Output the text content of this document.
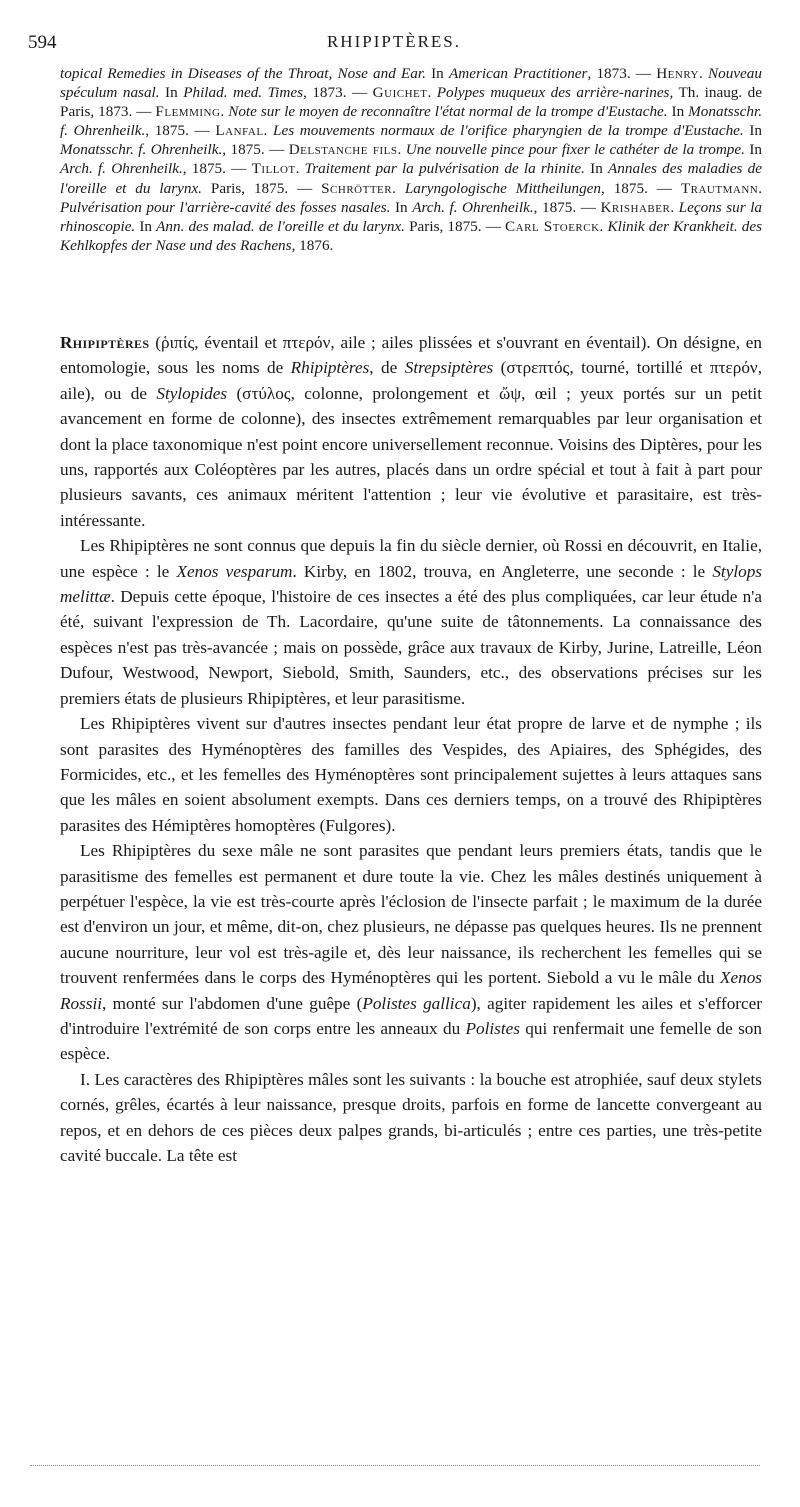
594	RHIPIPTÈRES.
topical Remedies in Diseases of the Throat, Nose and Ear. In American Practitioner, 1873. — Henry. Nouveau spéculum nasal. In Philad. med. Times, 1873. — Guichet. Polypes muqueux des arrière-narines, Th. inaug. de Paris, 1873. — Flemming. Note sur le moyen de reconnaître l'état normal de la trompe d'Eustache. In Monatsschr. f. Ohrenheilk., 1875. — Lanfal. Les mouvements normaux de l'orifice pharyngien de la trompe d'Eustache. In Monatsschr. f. Ohrenheilk., 1875. — Delstanche fils. Une nouvelle pince pour fixer le cathéter de la trompe. In Arch. f. Ohrenheilk., 1875. — Tillot. Traitement par la pulvérisation de la rhinite. In Annales des maladies de l'oreille et du larynx. Paris, 1875. — Schrötter. Laryngologische Mittheilungen, 1875. — Trautmann. Pulvérisation pour l'arrière-cavité des fosses nasales. In Arch. f. Ohrenheilk., 1875. — Krishaber. Leçons sur la rhinoscopie. In Ann. des malad. de l'oreille et du larynx. Paris, 1875. — Carl Stoerck. Klinik der Krankheit. des Kehlkopfes der Nase und des Rachens, 1876.

Rhipiptères (ῥιπίς, éventail et πτερόν, aile ; ailes plissées et s'ouvrant en éventail). On désigne, en entomologie, sous les noms de Rhipiptères, de Strepsiptères (στρεπτός, tourné, tortillé et πτερόν, aile), ou de Stylopides (στύλος, colonne, prolongement et ὤψ, œil ; yeux portés sur un petit avancement en forme de colonne), des insectes extrêmement remarquables par leur organisation et dont la place taxonomique n'est point encore universellement reconnue. Voisins des Diptères, pour les uns, rapportés aux Coléoptères par les autres, placés dans un ordre spécial et tout à fait à part pour plusieurs savants, ces animaux méritent l'attention ; leur vie évolutive et parasitaire, est très-intéressante.

Les Rhipiptères ne sont connus que depuis la fin du siècle dernier, où Rossi en découvrit, en Italie, une espèce : le Xenos vesparum. Kirby, en 1802, trouva, en Angleterre, une seconde : le Stylops melittæ. Depuis cette époque, l'histoire de ces insectes a été des plus compliquées, car leur étude n'a été, suivant l'expression de Th. Lacordaire, qu'une suite de tâtonnements. La connaissance des espèces n'est pas très-avancée ; mais on possède, grâce aux travaux de Kirby, Jurine, Latreille, Léon Dufour, Westwood, Newport, Siebold, Smith, Saunders, etc., des observations précises sur les premiers états de plusieurs Rhipiptères, et leur parasitisme.

Les Rhipiptères vivent sur d'autres insectes pendant leur état propre de larve et de nymphe ; ils sont parasites des Hyménoptères des familles des Vespides, des Apiaires, des Sphégides, des Formicides, etc., et les femelles des Hyménoptères sont principalement sujettes à leurs attaques sans que les mâles en soient absolument exempts. Dans ces derniers temps, on a trouvé des Rhipiptères parasites des Hémiptères homoptères (Fulgores).

Les Rhipiptères du sexe mâle ne sont parasites que pendant leurs premiers états, tandis que le parasitisme des femelles est permanent et dure toute la vie. Chez les mâles destinés uniquement à perpétuer l'espèce, la vie est très-courte après l'éclosion de l'insecte parfait ; le maximum de la durée est d'environ un jour, et même, dit-on, chez plusieurs, ne dépasse pas quelques heures. Ils ne prennent aucune nourriture, leur vol est très-agile et, dès leur naissance, ils recherchent les femelles qui se trouvent renfermées dans le corps des Hyménoptères qui les portent. Siebold a vu le mâle du Xenos Rossii, monté sur l'abdomen d'une guêpe (Polistes gallica), agiter rapidement les ailes et s'efforcer d'introduire l'extrémité de son corps entre les anneaux du Polistes qui renfermait une femelle de son espèce.

I. Les caractères des Rhipiptères mâles sont les suivants : la bouche est atrophiée, sauf deux stylets cornés, grêles, écartés à leur naissance, presque droits, parfois en forme de lancette convergeant au repos, et en dehors de ces pièces deux palpes grands, bi-articulés ; entre ces parties, une très-petite cavité buccale. La tête est
